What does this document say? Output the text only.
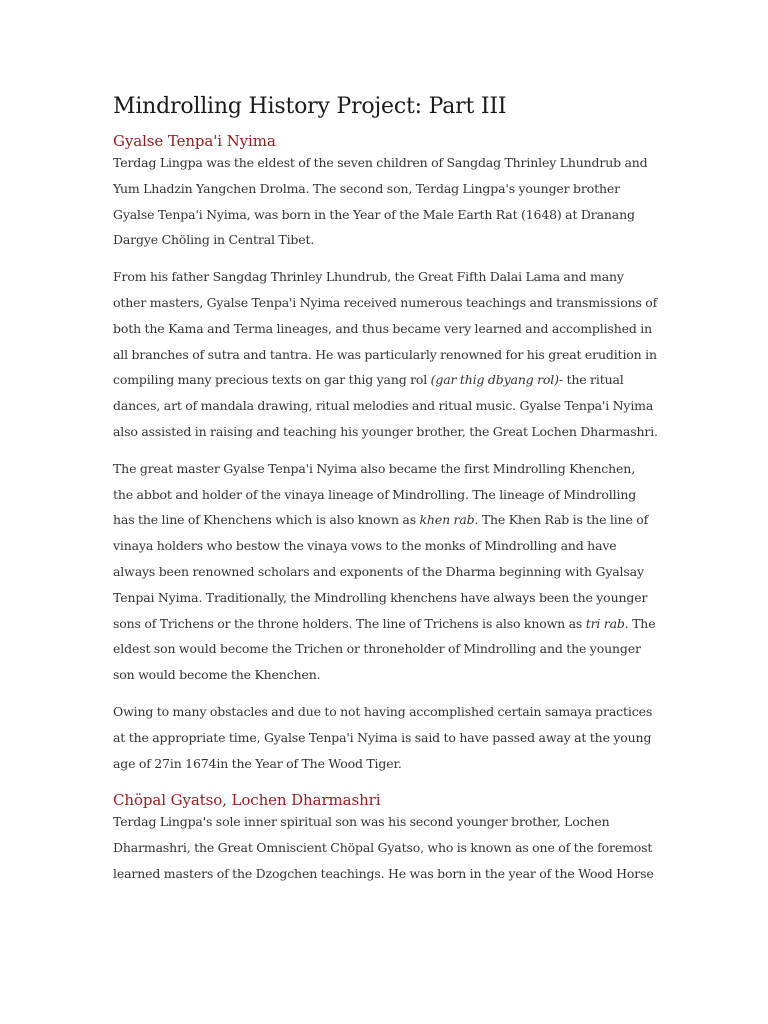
Mindrolling History Project: Part III
Gyalse Tenpa'i Nyima

Terdag Lingpa was the eldest of the seven children of Sangdag Thrinley Lhundrub and Yum Lhadzin Yangchen Drolma. The second son, Terdag Lingpa's younger brother Gyalse Tenpa'i Nyima, was born in the Year of the Male Earth Rat (1648) at Dranang Dargye Chöling in Central Tibet.

From his father Sangdag Thrinley Lhundrub, the Great Fifth Dalai Lama and many other masters, Gyalse Tenpa'i Nyima received numerous teachings and transmissions of both the Kama and Terma lineages, and thus became very learned and accomplished in all branches of sutra and tantra. He was particularly renowned for his great erudition in compiling many precious texts on gar thig yang rol (gar thig dbyang rol)- the ritual dances, art of mandala drawing, ritual melodies and ritual music. Gyalse Tenpa'i Nyima also assisted in raising and teaching his younger brother, the Great Lochen Dharmashri.

The great master Gyalse Tenpa'i Nyima also became the first Mindrolling Khenchen, the abbot and holder of the vinaya lineage of Mindrolling. The lineage of Mindrolling has the line of Khenchens which is also known as khen rab. The Khen Rab is the line of vinaya holders who bestow the vinaya vows to the monks of Mindrolling and have always been renowned scholars and exponents of the Dharma beginning with Gyalsay Tenpai Nyima. Traditionally, the Mindrolling khenchens have always been the younger sons of Trichens or the throne holders. The line of Trichens is also known as tri rab. The eldest son would become the Trichen or throneholder of Mindrolling and the younger son would become the Khenchen.

Owing to many obstacles and due to not having accomplished certain samaya practices at the appropriate time, Gyalse Tenpa'i Nyima is said to have passed away at the young age of 27in 1674in the Year of The Wood Tiger.

Chöpal Gyatso, Lochen Dharmashri

Terdag Lingpa's sole inner spiritual son was his second younger brother, Lochen Dharmashri, the Great Omniscient Chöpal Gyatso, who is known as one of the foremost learned masters of the Dzogchen teachings. He was born in the year of the Wood Horse
